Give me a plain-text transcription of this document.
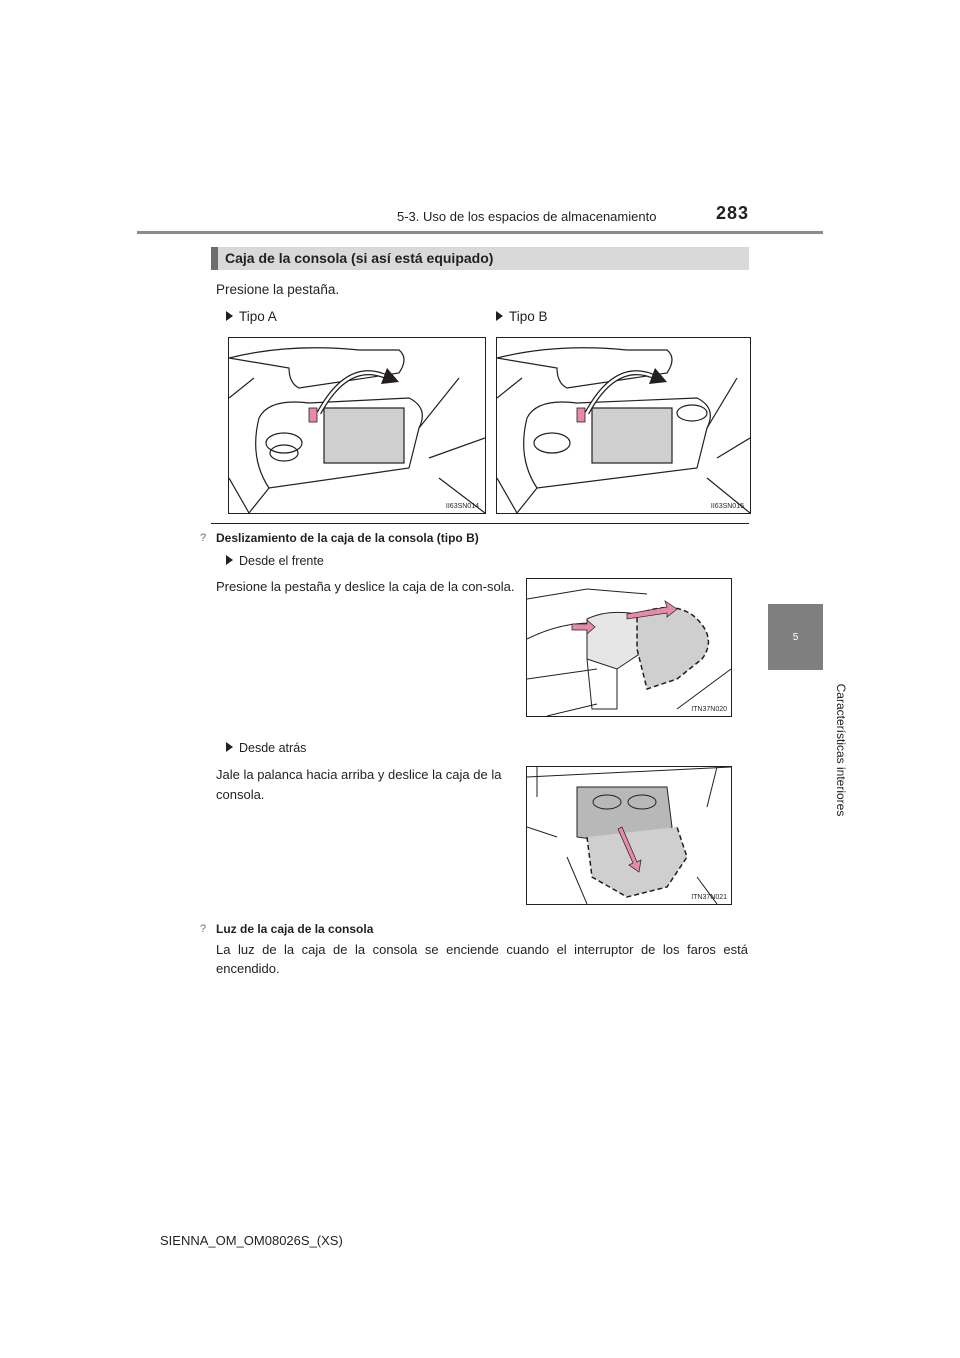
5-3. Uso de los espacios de almacenamiento	283
5
Características interiores
Caja de la consola (si así está equipado)
Presione la pestaña.
Tipo A	Tipo B
II63SN014	II63SN015
? Deslizamiento de la caja de la consola (tipo B)
Desde el frente
Presione la pestaña y deslice la caja de la con-sola.
ITN37N020
Desde atrás
Jale la palanca hacia arriba y deslice la caja de la consola.
ITN37N021
? Luz de la caja de la consola
La luz de la caja de la consola se enciende cuando el interruptor de los faros está encendido.
SIENNA_OM_OM08026S_(XS)
